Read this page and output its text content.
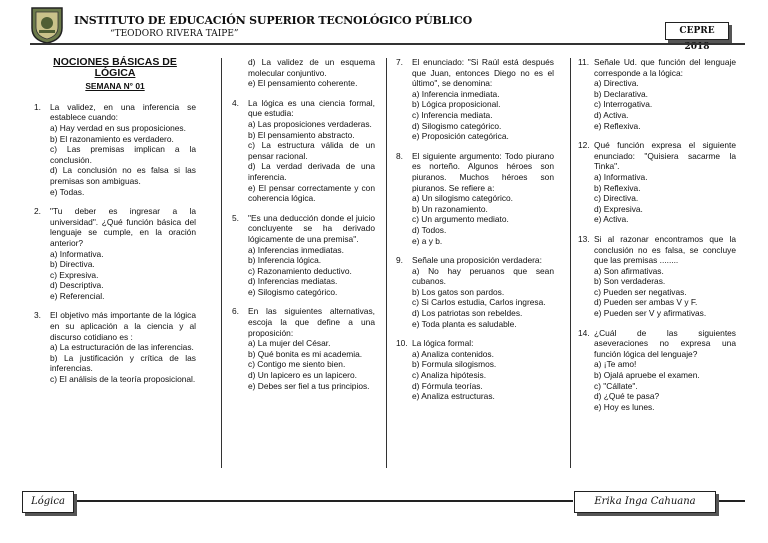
INSTITUTO DE EDUCACIÓN SUPERIOR TECNOLÓGICO PÚBLICO
“TEODORO RIVERA TAIPE”	CEPRE 2018
NOCIONES BÁSICAS DE LÓGICA
SEMANA N° 01
1.	La validez, en una inferencia se establece cuando:
a) Hay verdad en sus proposiciones.
b) El razonamiento es verdadero.
c) Las premisas implican a la conclusión.
d) La conclusión no es falsa si las premisas son ambiguas.
e) Todas.
2.	"Tu deber es ingresar a la universidad". ¿Qué función básica del lenguaje se cumple, en la oración anterior?
a) Informativa.
b) Directiva.
c) Expresiva.
d) Descriptiva.
e) Referencial.
3.	El objetivo más importante de la lógica en su aplicación a la ciencia y al discurso cotidiano es :
a) La estructuración de las inferencias.
b) La justificación y crítica de las inferencias.
c) El análisis de la teoría proposicional.
d) La validez de un esquema molecular conjuntivo.
e) El pensamiento coherente.
4.	La lógica es una ciencia formal, que estudia:
a) Las proposiciones verdaderas.
b) El pensamiento abstracto.
c) La estructura válida de un pensar racional.
d) La verdad derivada de una inferencia.
e) El pensar correctamente y con coherencia lógica.
5.	"Es una deducción donde el juicio concluyente se ha derivado lógicamente de una premisa".
a) Inferencias inmediatas.
b) Inferencia lógica.
c) Razonamiento deductivo.
d) Inferencias mediatas.
e) Silogismo categórico.
6.	En las siguientes alternativas, escoja la que define a una proposición:
a) La mujer del César.
b) Qué bonita es mi academia.
c) Contigo me siento bien.
d) Un lapicero es un lapicero.
e) Debes ser fiel a tus principios.
7.	El enunciado: "Si Raúl está después que Juan, entonces Diego no es el último", se denomina:
a) Inferencia inmediata.
b) Lógica proposicional.
c) Inferencia mediata.
d) Silogismo categórico.
e) Proposición categórica.
8.	El siguiente argumento: Todo piurano es norteño. Algunos héroes son piuranos. Muchos héroes son piuranos. Se refiere a:
a) Un silogismo categórico.
b) Un razonamiento.
c) Un argumento mediato.
d) Todos.
e) a y b.
9.	Señale una proposición verdadera:
a) No hay peruanos que sean cubanos.
b) Los gatos son pardos.
c) Si Carlos estudia, Carlos ingresa.
d) Los patriotas son rebeldes.
e) Toda planta es saludable.
10. La lógica formal:
a) Analiza contenidos.
b) Formula silogismos.
c) Analiza hipótesis.
d) Fórmula teorías.
e) Analiza estructuras.
11. Señale Ud. que función del lenguaje corresponde a la lógica:
a) Directiva.
b) Declarativa.
c) Interrogativa.
d) Activa.
e) Reflexiva.
12. Qué función expresa el siguiente enunciado: "Quisiera sacarme la Tinka".
a) Informativa.
b) Reflexiva.
c) Directiva.
d) Expresiva.
e) Activa.
13. Si al razonar encontramos que la conclusión no es falsa, se concluye que las premisas ........
a) Son afirmativas.
b) Son verdaderas.
c) Pueden ser negativas.
d) Pueden ser ambas V y F.
e) Pueden ser V y afirmativas.
14. ¿Cuál de las siguientes aseveraciones no expresa una función lógica del lenguaje?
a) ¡Te amo!
b) Ojalá apruebe el examen.
c) "Cállate".
d) ¿Qué te pasa?
e) Hoy es lunes.
Lógica	Erika Inga Cahuana
